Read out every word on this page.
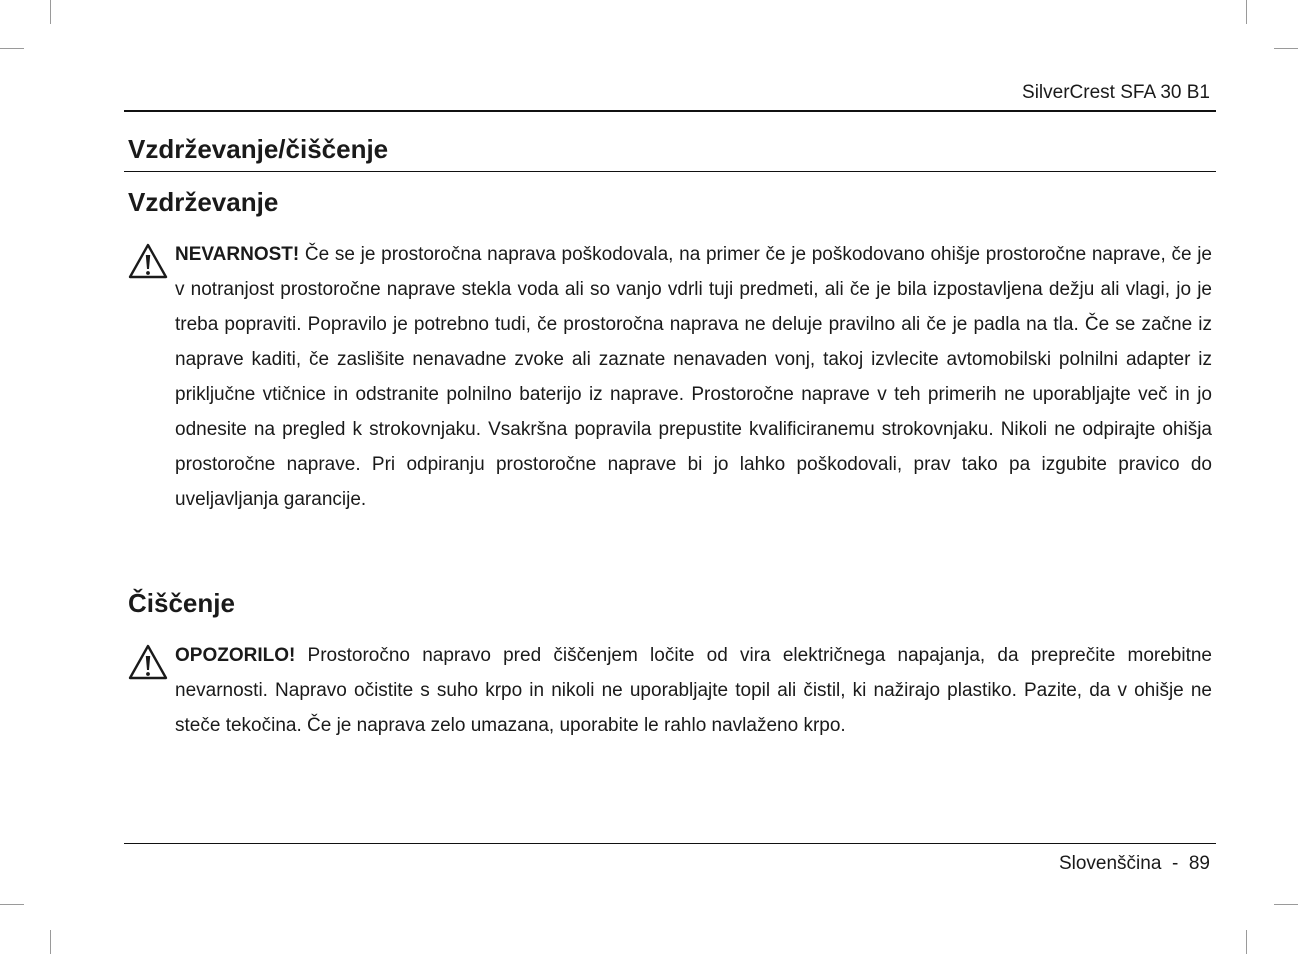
SilverCrest SFA 30 B1
Vzdrževanje/čiščenje
Vzdrževanje

NEVARNOST! Če se je prostoročna naprava poškodovala, na primer če je poškodovano ohišje prostoročne naprave, če je v notranjost prostoročne naprave stekla voda ali so vanjo vdrli tuji predmeti, ali če je bila izpostavljena dežju ali vlagi, jo je treba popraviti. Popravilo je potrebno tudi, če prostoročna naprava ne deluje pravilno ali če je padla na tla. Če se začne iz naprave kaditi, če zaslišite nenavadne zvoke ali zaznate nenavaden vonj, takoj izvlecite avtomobilski polnilni adapter iz priključne vtičnice in odstranite polnilno baterijo iz naprave. Prostoročne naprave v teh primerih ne uporabljajte več in jo odnesite na pregled k strokovnjaku. Vsakršna popravila prepustite kvalificiranemu strokovnjaku. Nikoli ne odpirajte ohišja prostoročne naprave. Pri odpiranju prostoročne naprave bi jo lahko poškodovali, prav tako pa izgubite pravico do uveljavljanja garancije.

Čiščenje

OPOZORILO! Prostoročno napravo pred čiščenjem ločite od vira električnega napajanja, da preprečite morebitne nevarnosti. Napravo očistite s suho krpo in nikoli ne uporabljajte topil ali čistil, ki nažirajo plastiko. Pazite, da v ohišje ne steče tekočina. Če je naprava zelo umazana, uporabite le rahlo navlaženo krpo.

Slovenščina - 89
